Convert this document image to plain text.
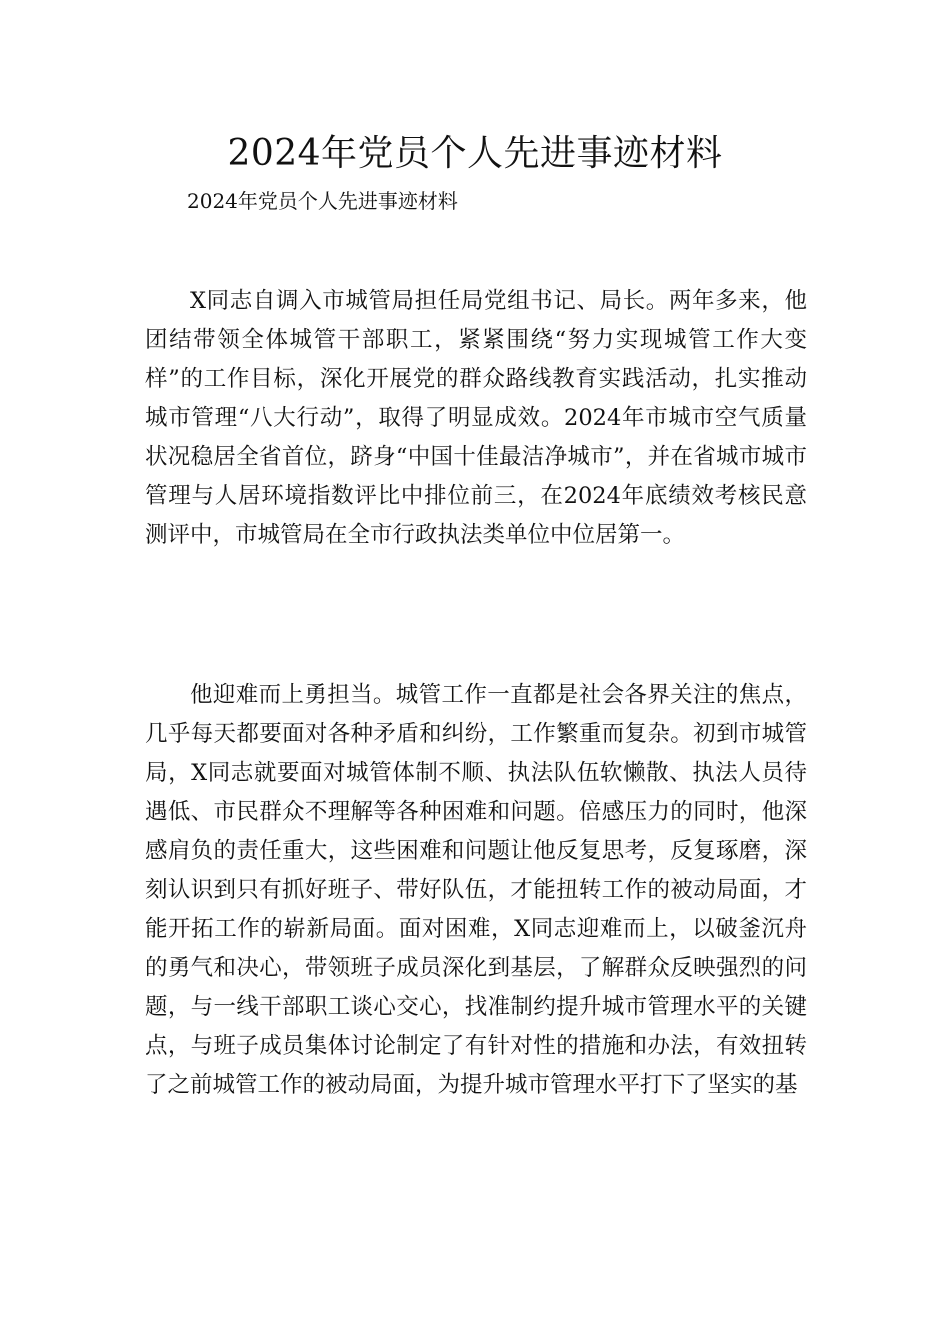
2024年党员个人先进事迹材料

2024年党员个人先进事迹材料

X同志自调入市城管局担任局党组书记、局长。两年多来，他团结带领全体城管干部职工，紧紧围绕“努力实现城管工作大变样”的工作目标，深化开展党的群众路线教育实践活动，扎实推动城市管理“八大行动”，取得了明显成效。2024年市城市空气质量状况稳居全省首位，跻身“中国十佳最洁净城市”，并在省城市城市管理与人居环境指数评比中排位前三，在2024年底绩效考核民意测评中，市城管局在全市行政执法类单位中位居第一。

他迎难而上勇担当。城管工作一直都是社会各界关注的焦点，几乎每天都要面对各种矛盾和纠纷，工作繁重而复杂。初到市城管局，X同志就要面对城管体制不顺、执法队伍软懒散、执法人员待遇低、市民群众不理解等各种困难和问题。倍感压力的同时，他深感肩负的责任重大，这些困难和问题让他反复思考，反复琢磨，深刻认识到只有抓好班子、带好队伍，才能扭转工作的被动局面，才能开拓工作的崭新局面。面对困难，X同志迎难而上，以破釜沉舟的勇气和决心，带领班子成员深化到基层，了解群众反映强烈的问题，与一线干部职工谈心交心，找准制约提升城市管理水平的关键点，与班子成员集体讨论制定了有针对性的措施和办法，有效扭转了之前城管工作的被动局面，为提升城市管理水平打下了坚实的基
